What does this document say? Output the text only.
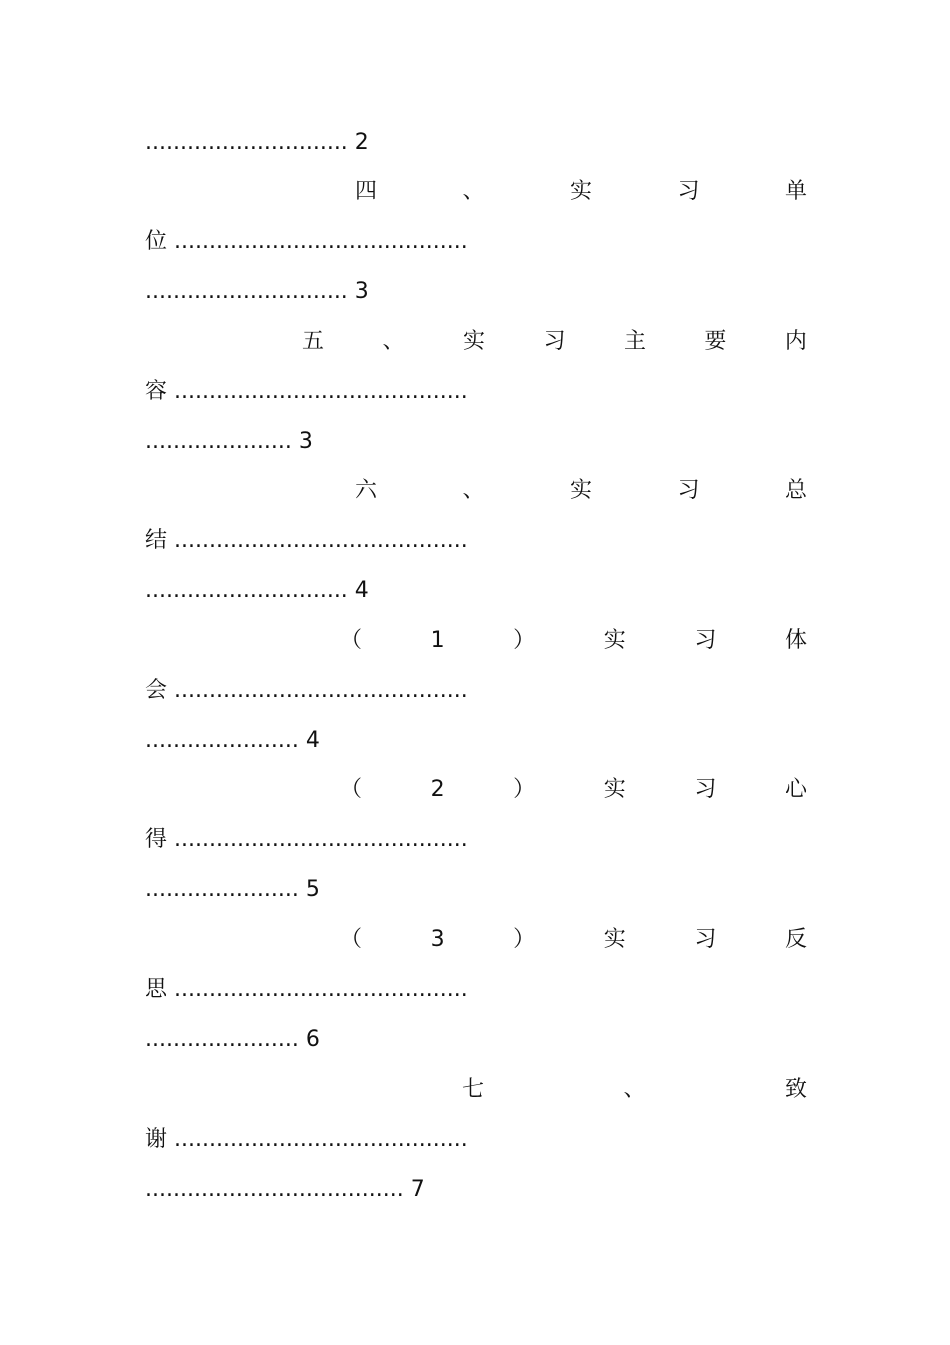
............................. 2
四	、	实	习	单
位 ..........................................
............................. 3
五	、	实	习	主	要	内
容 ..........................................
..................... 3
六	、	实	习	总
结 ..........................................
............................. 4
（	1	）	实	习	体
会 ..........................................
...................... 4
（	2	）	实	习	心
得 ..........................................
...................... 5
（	3	）	实	习	反
思 ..........................................
...................... 6
七	、	致
谢 ..........................................
..................................... 7
